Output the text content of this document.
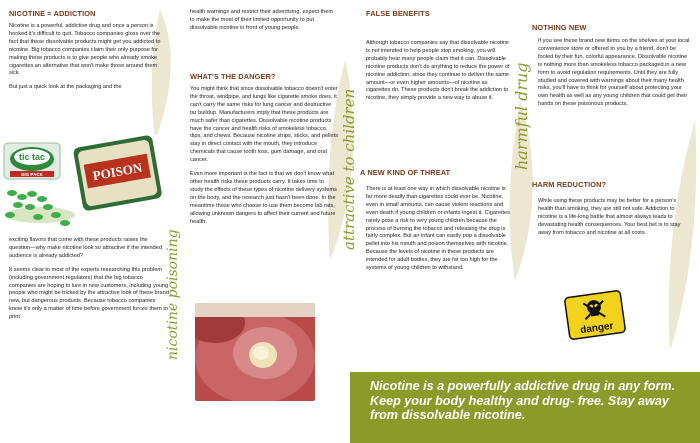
NICOTINE = ADDICTION

Nicotine is a powerful, addictive drug and once a person is hooked it's difficult to quit. Tobacco companies gloss over the fact that these dissolvable products might get you addicted to nicotine. Big tobacco companies claim their only purpose for making these products is to give people who already smoke cigarettes an alternative that won't make those around them sick.

But just a quick look at the packaging and the

tic tac
BIG PACK	POISON

exciting flavors that come with these products raises the question—why make nicotine look so attractive if the intended audience is already addicted?

It seems clear to most of the experts researching this problem (including government regulators) that the big tobacco companies are hoping to lure in new customers, including young people who might be tricked by the attractive look of these brand new, but dangerous products. Because tobacco companies know it's only a matter of time before government forces them to print

health warnings and restrict their advertising, expect them to make the most of their limited opportunity to put dissolvable nicotine in front of young people.

WHAT'S THE DANGER?

You might think that since dissolvable tobacco doesn't enter the throat, windpipe, and lungs like cigarette smoke does, it can't carry the same risks for lung cancer and destructive tar buildup. Manufacturers imply that these products are much safer than cigarettes. Dissolvable nicotine products have the cancer and health risks of smokeless tobacco, dips, and chews. Because nicotine strips, sticks, and pellets stay in direct contact with the mouth, they introduce chemicals that cause tooth loss, gum damage, and oral cancer.

Even more important is the fact is that we don't know what other health risks these products carry. It takes time to study the effects of these types of nicotine delivery systems on the body, and the research just hasn't been done. In the meantime those who choose to use them become lab rats, allowing unknown dangers to affect their current and future health.

FALSE BENEFITS

Although tobacco companies say that dissolvable nicotine is not intended to help people stop smoking, you will probably hear many people claim that it can. Dissolvable nicotine products don't do anything to reduce the power of nicotine addiction, since they continue to deliver the same amount—or even higher amounts—of nicotine as cigarettes do. These products don't break the addiction to nicotine, they simply provide a new way to abuse it.

A NEW KIND OF THREAT

There is at least one way in which dissolvable nicotine is far more deadly than cigarettes could ever be. Nicotine, even in small amounts, can cause violent reactions and even death if young children or infants ingest it. Cigarettes rarely pose a risk to very young children because the process of burning the tobacco and releasing the drug is fairly complex. But an infant can easily pop a dissolvable pellet into his mouth and poison themselves with nicotine. Because the levels of nicotine in these products are intended for adult bodies, they are far too high for the systems of young children to withstand.

NOTHING NEW

If you see these brand new items on the shelves at your local convenience store or offered to you by a friend, don't be fooled by their fun, colorful appearance. Dissolvable nicotine is nothing more than smokeless tobacco packaged in a new form to avoid regulation requirements. Until they are fully studied and covered with warnings about their many health risks, you'll have to think for yourself about protecting your own health as well as any young children that could get their hands on these poisonous products.

HARM REDUCTION?

While using these products may be better for a person's health than smoking, they are still not safe. Addiction to nicotine is a life-long battle that almost always leads to devastating health consequences. Your best bet is to stay away from tobacco and nicotine at all costs.

danger
nicotine poisoning
attractive to children	harmful drug
Nicotine is a powerfully addictive drug in any form. Keep your body healthy and drug- free. Stay away from dissolvable nicotine.
